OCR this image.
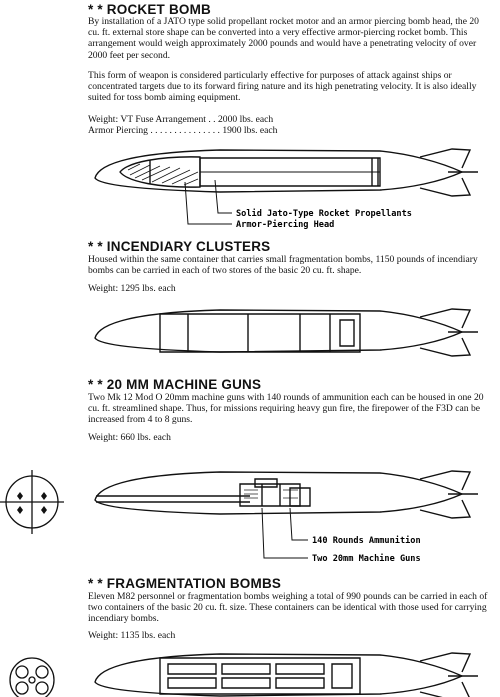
* * ROCKET BOMB
By installation of a JATO type solid propellant rocket motor and an armor piercing bomb head, the 20 cu. ft. external store shape can be converted into a very effective armor-piercing rocket bomb. This arrangement would weigh approximately 2000 pounds and would have a penetrating velocity of over 2000 feet per second.
This form of weapon is considered particularly effective for purposes of attack against ships or concentrated targets due to its forward firing nature and its high penetrating velocity. It is also ideally suited for toss bomb aiming equipment.
Weight: VT Fuse Arrangement . . 2000 lbs. each
Armor Piercing . . . . . . . . . . . . . . . 1900 lbs. each
Solid Jato-Type Rocket Propellants
Armor-Piercing Head
* * INCENDIARY CLUSTERS
Housed within the same container that carries small fragmentation bombs, 1150 pounds of incendiary bombs can be carried in each of two stores of the basic 20 cu. ft. shape.
Weight: 1295 lbs. each
* * 20 MM MACHINE GUNS
Two Mk 12 Mod O 20mm machine guns with 140 rounds of ammunition each can be housed in one 20 cu. ft. streamlined shape. Thus, for missions requiring heavy gun fire, the firepower of the F3D can be increased from 4 to 8 guns.
Weight: 660 lbs. each
140 Rounds Ammunition
Two 20mm Machine Guns
* * FRAGMENTATION BOMBS
Eleven M82 personnel or fragmentation bombs weighing a total of 990 pounds can be carried in each of two containers of the basic 20 cu. ft. size. These containers can be identical with those used for carrying incendiary bombs.
Weight: 1135 lbs. each
